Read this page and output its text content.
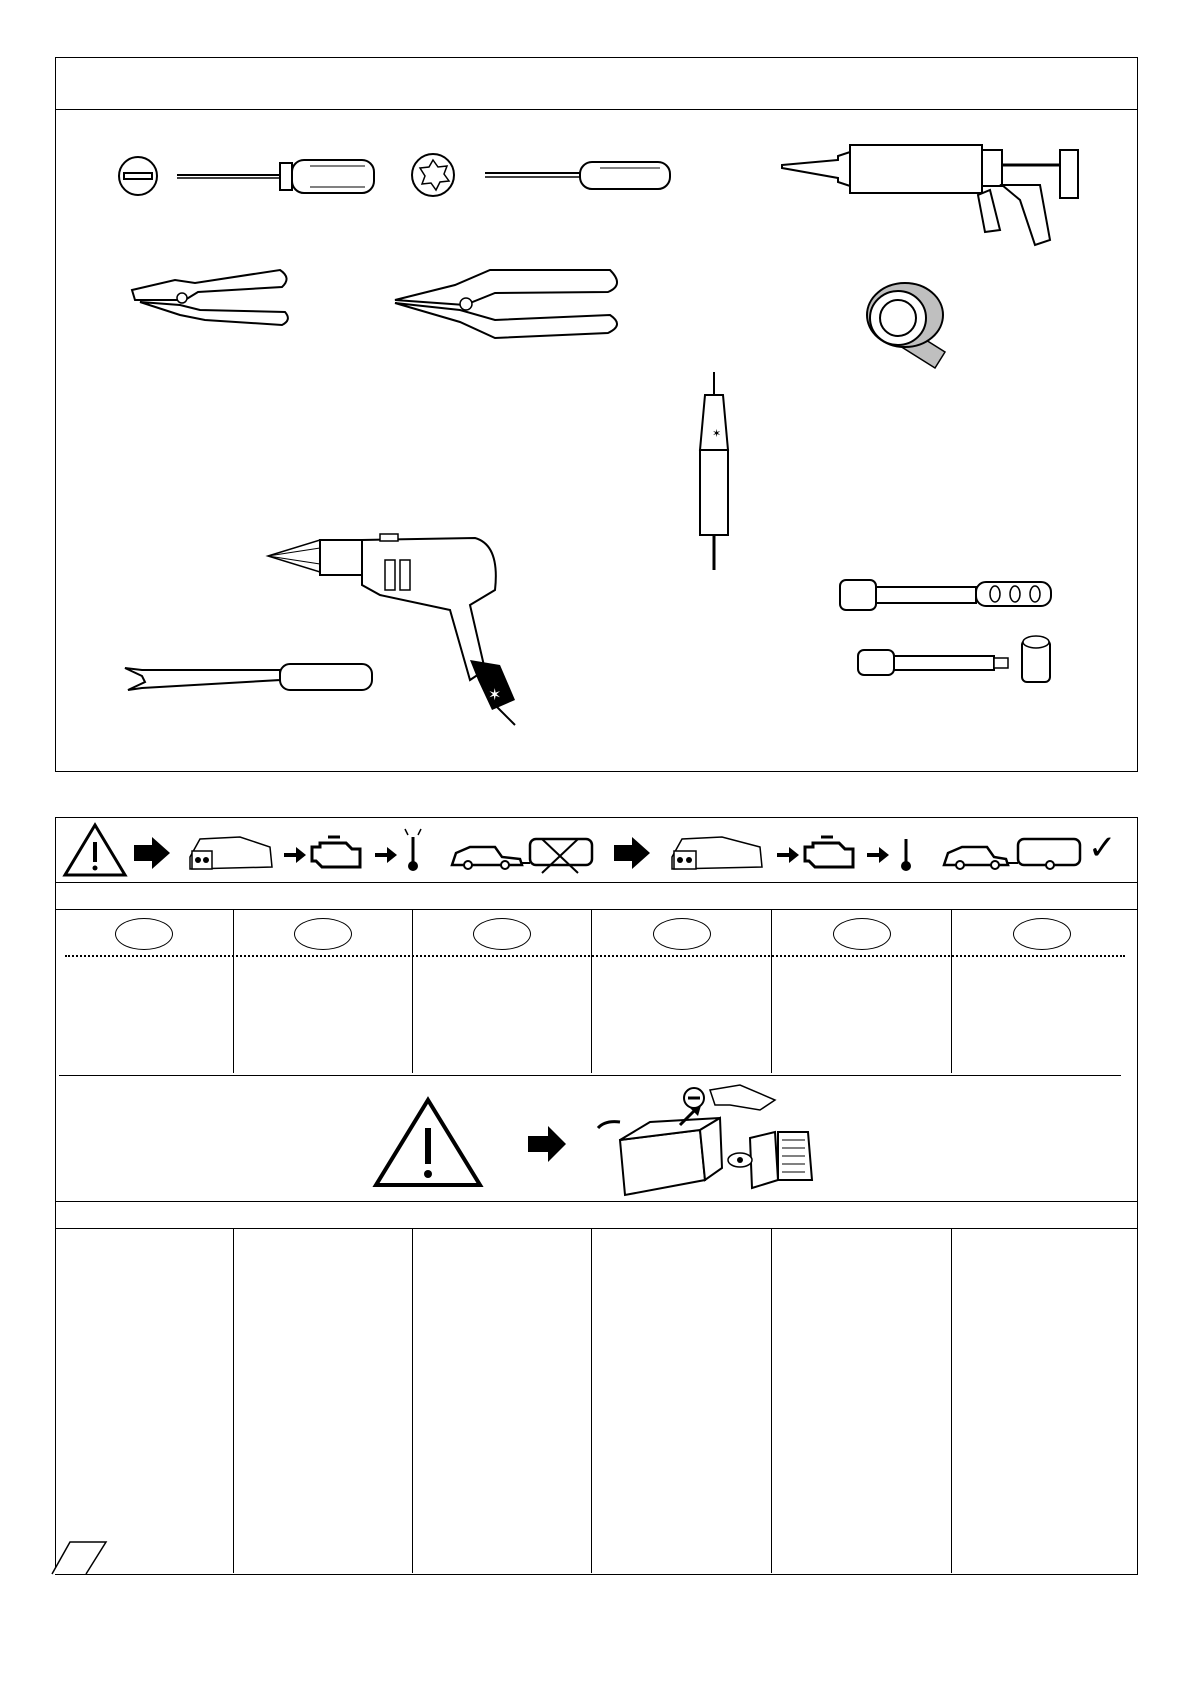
✶
✶
✓
